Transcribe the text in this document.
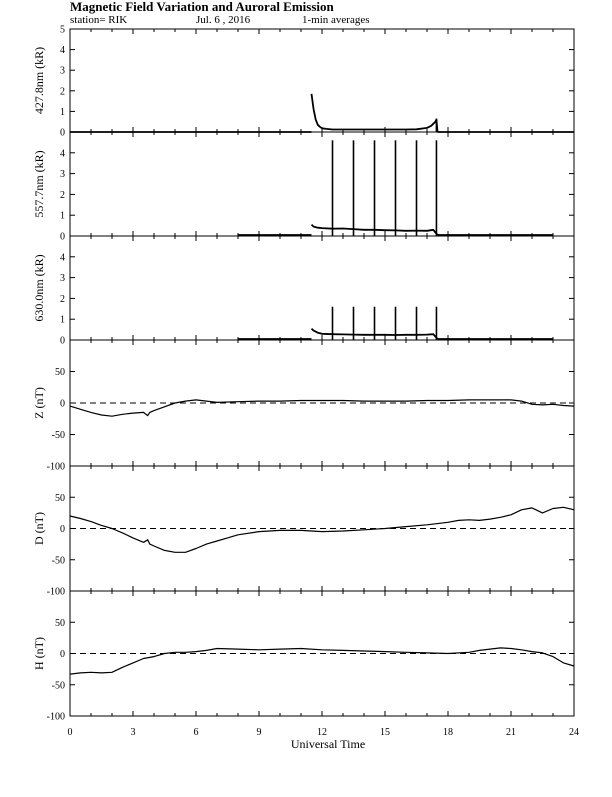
Magnetic Field Variation and Auroral Emission
station= RIK	Jul. 6 , 2016	1-min averages
0
1
2
3
4
5
427.8nm (kR)
0
1
2
3
4
557.7nm (kR)
0
1
2
3
4
630.0nm (kR)
-100
-50
0
50
Z (nT)
-100
-50
0
50
D (nT)
-100
-50
0
50
H (nT)
0	3	6	9	12	15	18	21	24
Universal Time
